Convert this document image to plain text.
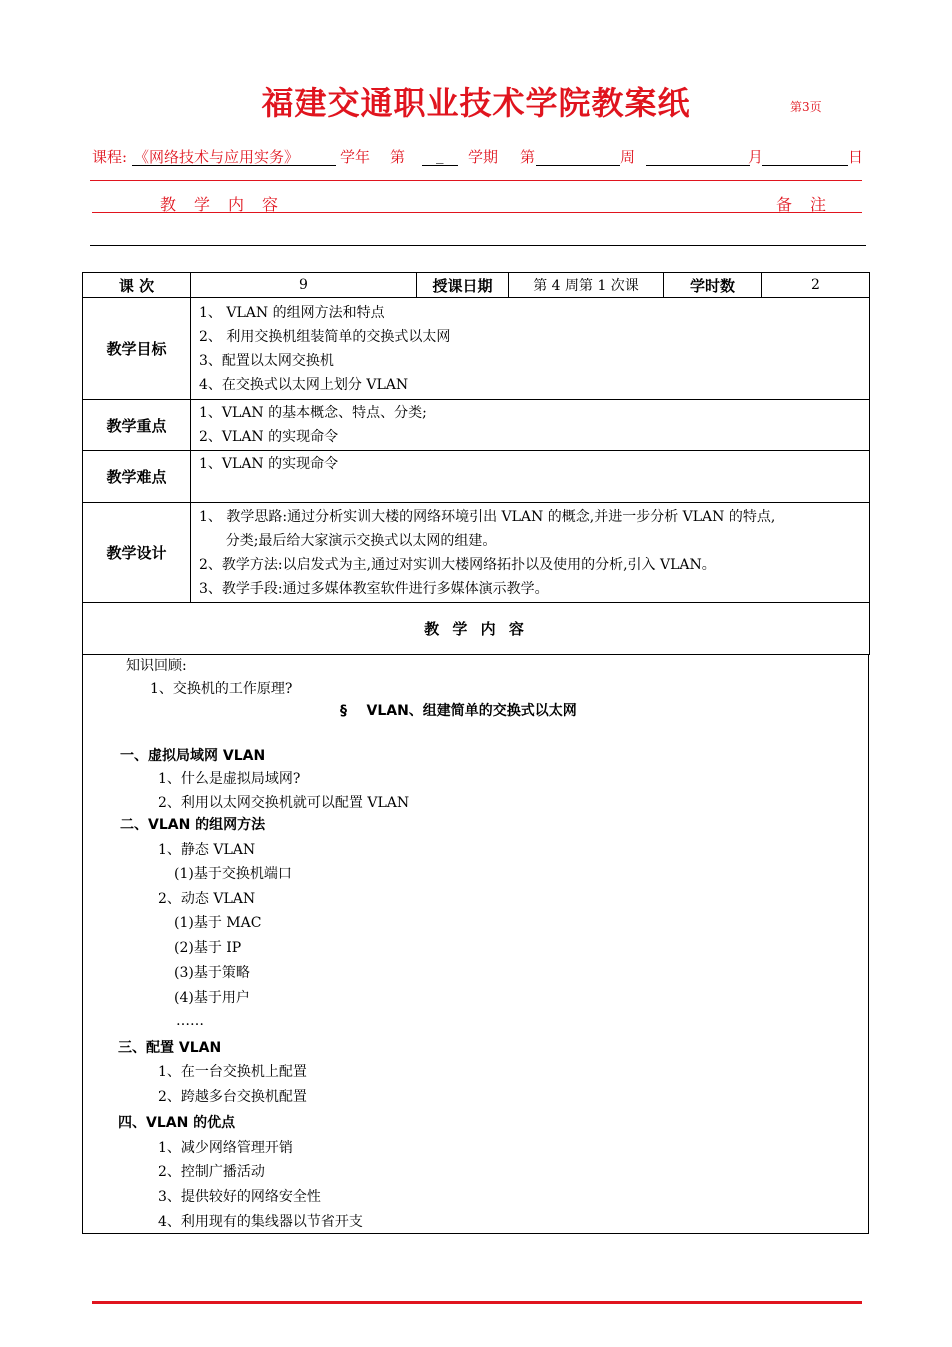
福建交通职业技术学院教案纸	第3页
课程: 《网络技术与应用实务》	学年 第 _ 学期 第	周	月	日
教学内容	备注
课 次	9	授课日期	第 4 周第 1 次课	学时数	2
教学目标	1、 VLAN 的组网方法和特点
2、 利用交换机组装简单的交换式以太网
3、配置以太网交换机
4、在交换式以太网上划分 VLAN				

教学重点	1、VLAN 的基本概念、特点、分类;
2、VLAN 的实现命令				

教学难点	1、VLAN 的实现命令				

教学设计	1、 教学思路:通过分析实训大楼的网络环境引出 VLAN 的概念,并进一步分析 VLAN 的特点,
分类;最后给大家演示交换式以太网的组建。
2、教学方法:以启发式为主,通过对实训大楼网络拓扑以及使用的分析,引入 VLAN。
3、教学手段:通过多媒体教室软件进行多媒体演示教学。				

教 学 内 容					
知识回顾:
1、交换机的工作原理?
§    VLAN、组建简单的交换式以太网
一、虚拟局域网 VLAN
1、什么是虚拟局域网?
2、利用以太网交换机就可以配置 VLAN
二、VLAN 的组网方法
1、静态 VLAN
(1)基于交换机端口
2、动态 VLAN
(1)基于 MAC
(2)基于 IP
(3)基于策略
(4)基于用户
……
三、配置 VLAN
1、在一台交换机上配置
2、跨越多台交换机配置
四、VLAN 的优点
1、减少网络管理开销
2、控制广播活动
3、提供较好的网络安全性
4、利用现有的集线器以节省开支
